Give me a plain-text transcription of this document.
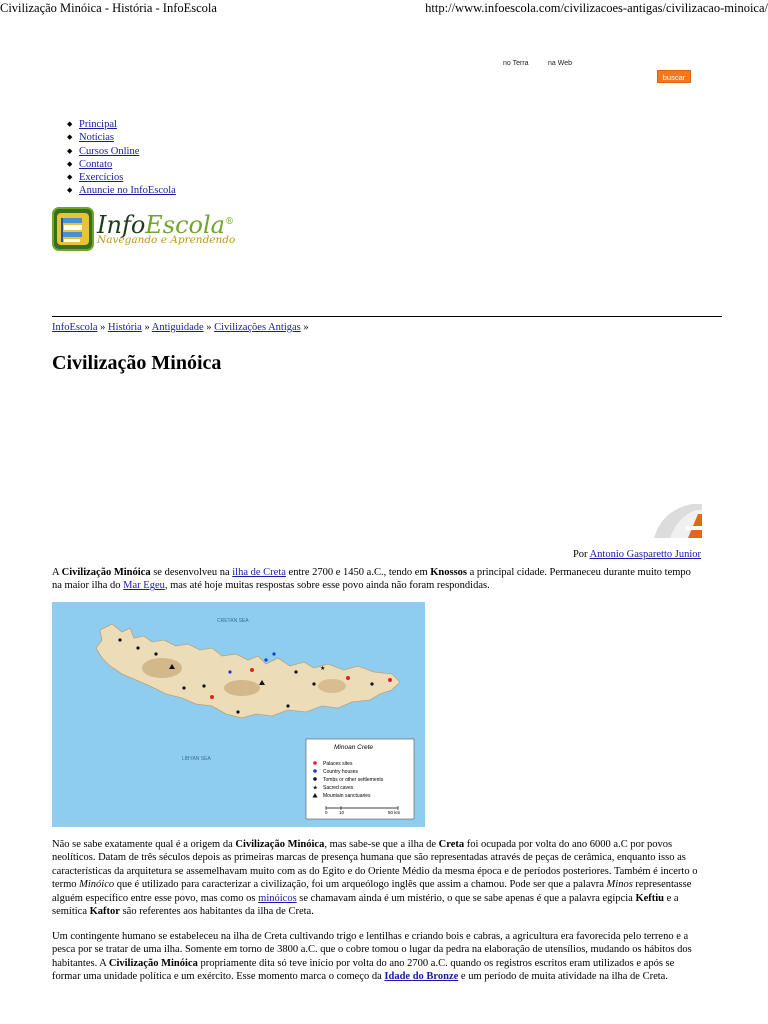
Civilização Minóica - História - InfoEscola	http://www.infoescola.com/civilizacoes-antigas/civilizacao-minoica/
no Terra	na Web
buscar
◆ Principal
◆ Notícias
◆ Cursos Online
◆ Contato
◆ Exercícios
◆ Anuncie no InfoEscola
InfoEscola®
Navegando e Aprendendo
InfoEscola » História » Antiguidade » Civilizações Antigas »
Civilização Minóica
Por Antonio Gasparetto Junior

A Civilização Minóica se desenvolveu na ilha de Creta entre 2700 e 1450 a.C., tendo em Knossos a principal cidade. Permaneceu durante muito tempo na maior ilha do Mar Egeu, mas até hoje muitas respostas sobre esse povo ainda não foram respondidas.

CRETAN SEA
LIBYAN SEA
★
Minoan Crete
Palaces sites
Country houses
Tombs or other settlements
★ Sacred caves
Mountain sanctuaries
0	10	50 km

Não se sabe exatamente qual é a origem da Civilização Minóica, mas sabe-se que a ilha de Creta foi ocupada por volta do ano 6000 a.C por povos neolíticos. Datam de três séculos depois as primeiras marcas de presença humana que são representadas através de peças de cerâmica, enquanto isso as características da arquitetura se assemelhavam muito com as do Egito e do Oriente Médio da mesma época e de períodos posteriores. Também é incerto o termo Minóico que é utilizado para caracterizar a civilização, foi um arqueólogo inglês que assim a chamou. Pode ser que a palavra Minos representasse alguém específico entre esse povo, mas como os minóicos se chamavam ainda é um mistério, o que se sabe apenas é que a palavra egípcia Keftiu e a semítica Kaftor são referentes aos habitantes da ilha de Creta.

Um contingente humano se estabeleceu na ilha de Creta cultivando trigo e lentilhas e criando bois e cabras, a agricultura era favorecida pelo terreno e a pesca por se tratar de uma ilha. Somente em torno de 3800 a.C. que o cobre tomou o lugar da pedra na elaboração de utensílios, mudando os hábitos dos habitantes. A Civilização Minóica propriamente dita só teve início por volta do ano 2700 a.C. quando os registros escritos eram utilizados e após se formar uma unidade política e um exército. Esse momento marca o começo da Idade do Bronze e um período de muita atividade na ilha de Creta.
